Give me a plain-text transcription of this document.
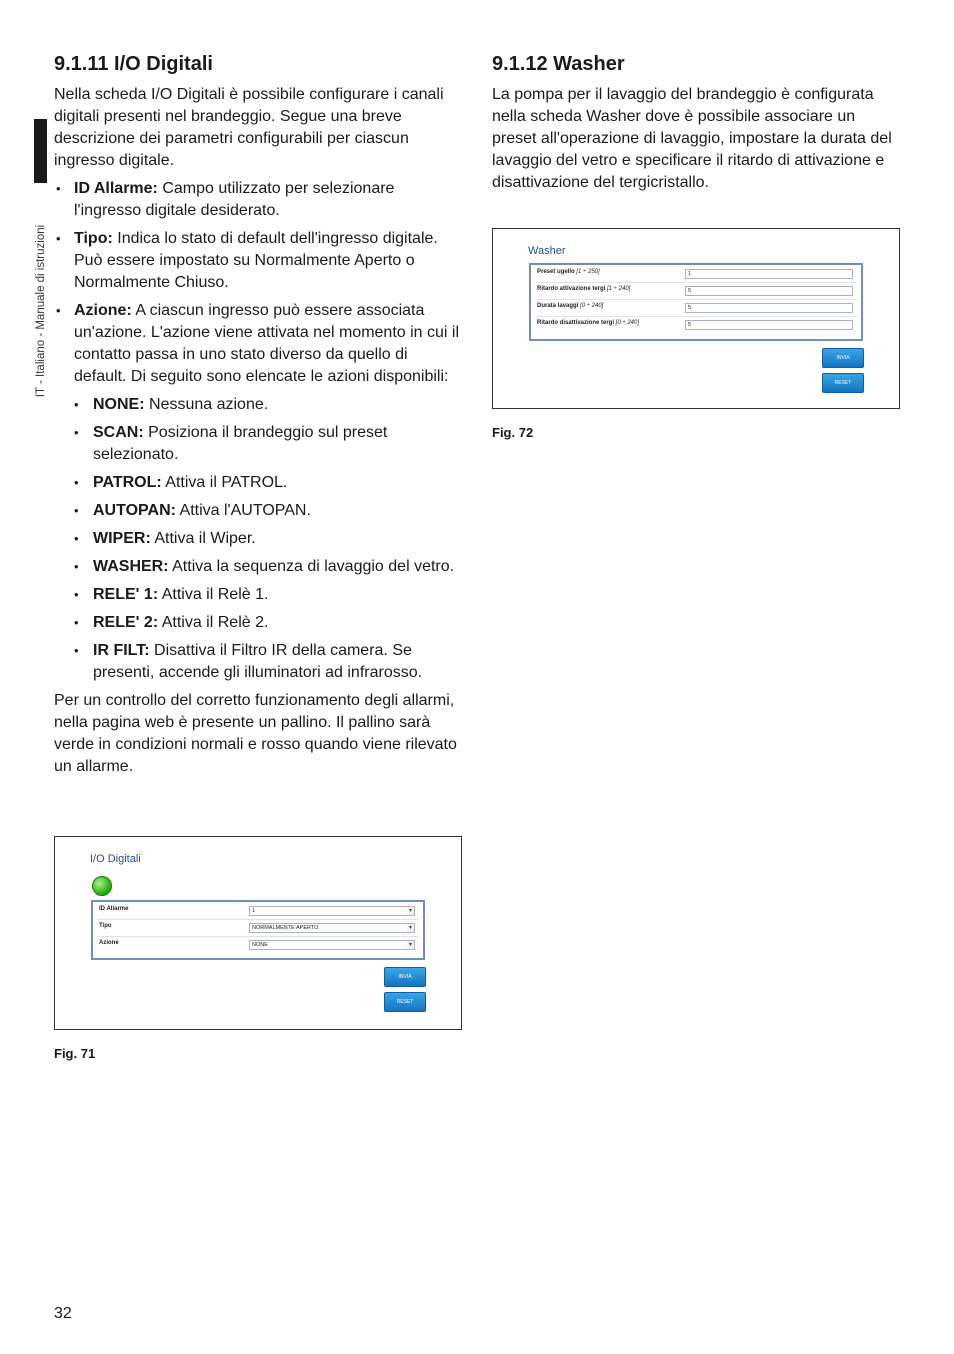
IT - Italiano - Manuale di istruzioni
9.1.11 I/O Digitali

Nella scheda I/O Digitali è possibile configurare i canali digitali presenti nel brandeggio. Segue una breve descrizione dei parametri configurabili per ciascun ingresso digitale.

• ID Allarme: Campo utilizzato per selezionare l'ingresso digitale desiderato.
• Tipo: Indica lo stato di default dell'ingresso digitale. Può essere impostato su Normalmente Aperto o Normalmente Chiuso.
• Azione: A ciascun ingresso può essere associata un'azione. L'azione viene attivata nel momento in cui il contatto passa in uno stato diverso da quello di default. Di seguito sono elencate le azioni disponibili:
• NONE: Nessuna azione.
• SCAN: Posiziona il brandeggio sul preset selezionato.
• PATROL: Attiva il PATROL.
• AUTOPAN: Attiva l'AUTOPAN.
• WIPER: Attiva il Wiper.
• WASHER: Attiva la sequenza di lavaggio del vetro.
• RELE' 1: Attiva il Relè 1.
• RELE' 2: Attiva il Relè 2.
• IR FILT: Disattiva il Filtro IR della camera. Se presenti, accende gli illuminatori ad infrarosso.

Per un controllo del corretto funzionamento degli allarmi, nella pagina web è presente un pallino. Il pallino sarà verde in condizioni normali e rosso quando viene rilevato un allarme.

I/O Digitali
ID Allarme	1	▾
Tipo	NORMALMENTE APERTO	▾
Azione	NONE	▾
INVIA
RESET
Fig. 71
9.1.12 Washer

La pompa per il lavaggio del brandeggio è configurata nella scheda Washer dove è possibile associare un preset all'operazione di lavaggio, impostare la durata del lavaggio del vetro e specificare il ritardo di attivazione e disattivazione del tergicristallo.

Washer
Preset ugello [1 ÷ 250]	1
Ritardo attivazione tergi [1 ÷ 240]	5
Durata lavaggi [0 ÷ 240]	5
Ritardo disattivazione tergi [0 ÷ 240]	5
INVIA
RESET
Fig. 72
32
